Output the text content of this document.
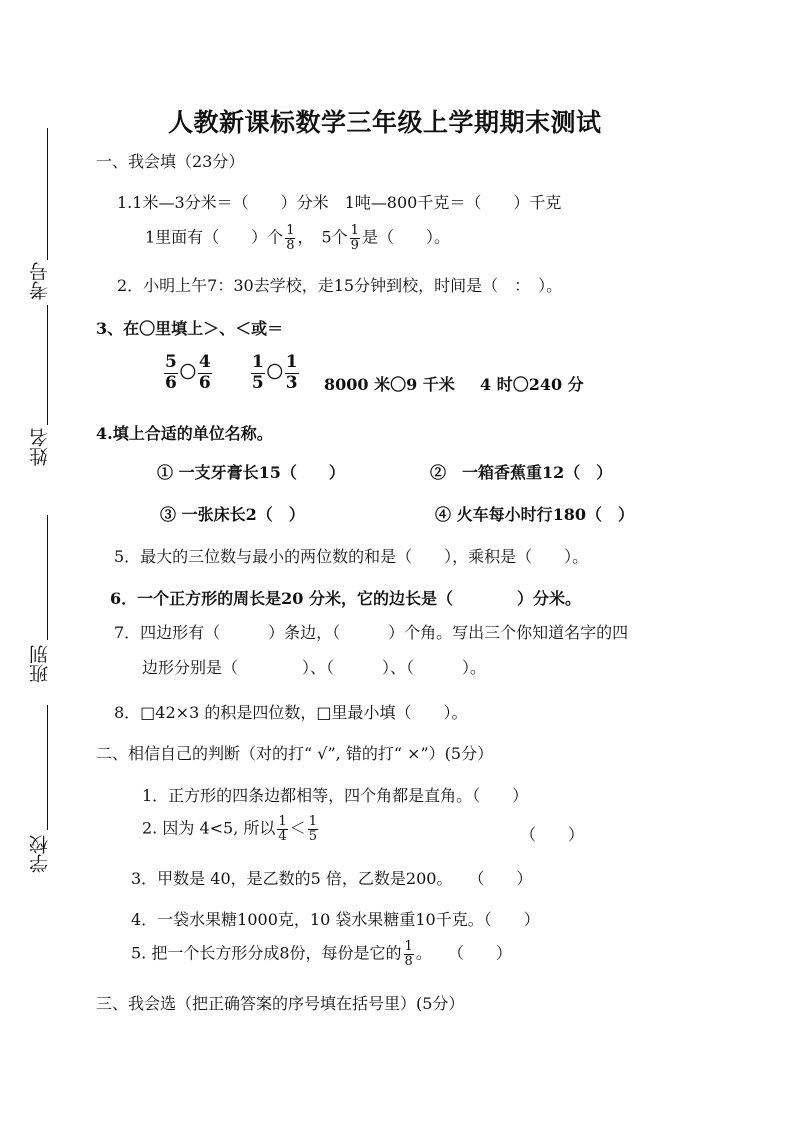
考号
姓名
班别
学校
人教新课标数学三年级上学期期末测试
一、我会填（23分）
1.1米—3分米＝（　　）分米　1吨—800千克＝（　　）千克
1里面有（　　）个 $\frac{1}{8}$ ，　5个 $\frac{1}{9}$ 是（　　）。
2．小明上午7：30去学校，走15分钟到校，时间是（　：　）。
3、在〇里填上＞、＜或＝
$\frac{5}{6}$ 〇 $\frac{4}{6}$
$\frac{1}{5}$ 〇 $\frac{1}{3} 8000$ 米〇9 千米 4 时〇240 分
4.填上合适的单位名称。
① 一支牙膏长15（　　）	②　一箱香蕉重12（　）
③ 一张床长2（　）	④ 火车每小时行180（　）
5．最大的三位数与最小的两位数的和是（　　），乘积是（　　）。
6．一个正方形的周长是20 分米，它的边长是（　　　　）分米。
7．四边形有（　　　）条边，（　　　）个角。写出三个你知道名字的四
边形分别是（　　　　）、（　　　）、（　　　）。
8．□42×3 的积是四位数，□里最小填（　　）。
二、相信自己的判断（对的打“ √”, 错的打“ ×”）(5分）
1．正方形的四条边都相等，四个角都是直角。（　　）
2. 因为 4<5, 所以 $\frac{1}{4} < \frac{1}{5}$	（　　）
3．甲数是 40，是乙数的5 倍，乙数是200。　　（　　）
4．一袋水果糖1000克，10 袋水果糖重10千克。（　　）
5. 把一个长方形分成8份，每份是它的 $\frac{1}{8}$ 。　　（　　）
三、我会选（把正确答案的序号填在括号里）(5分）
